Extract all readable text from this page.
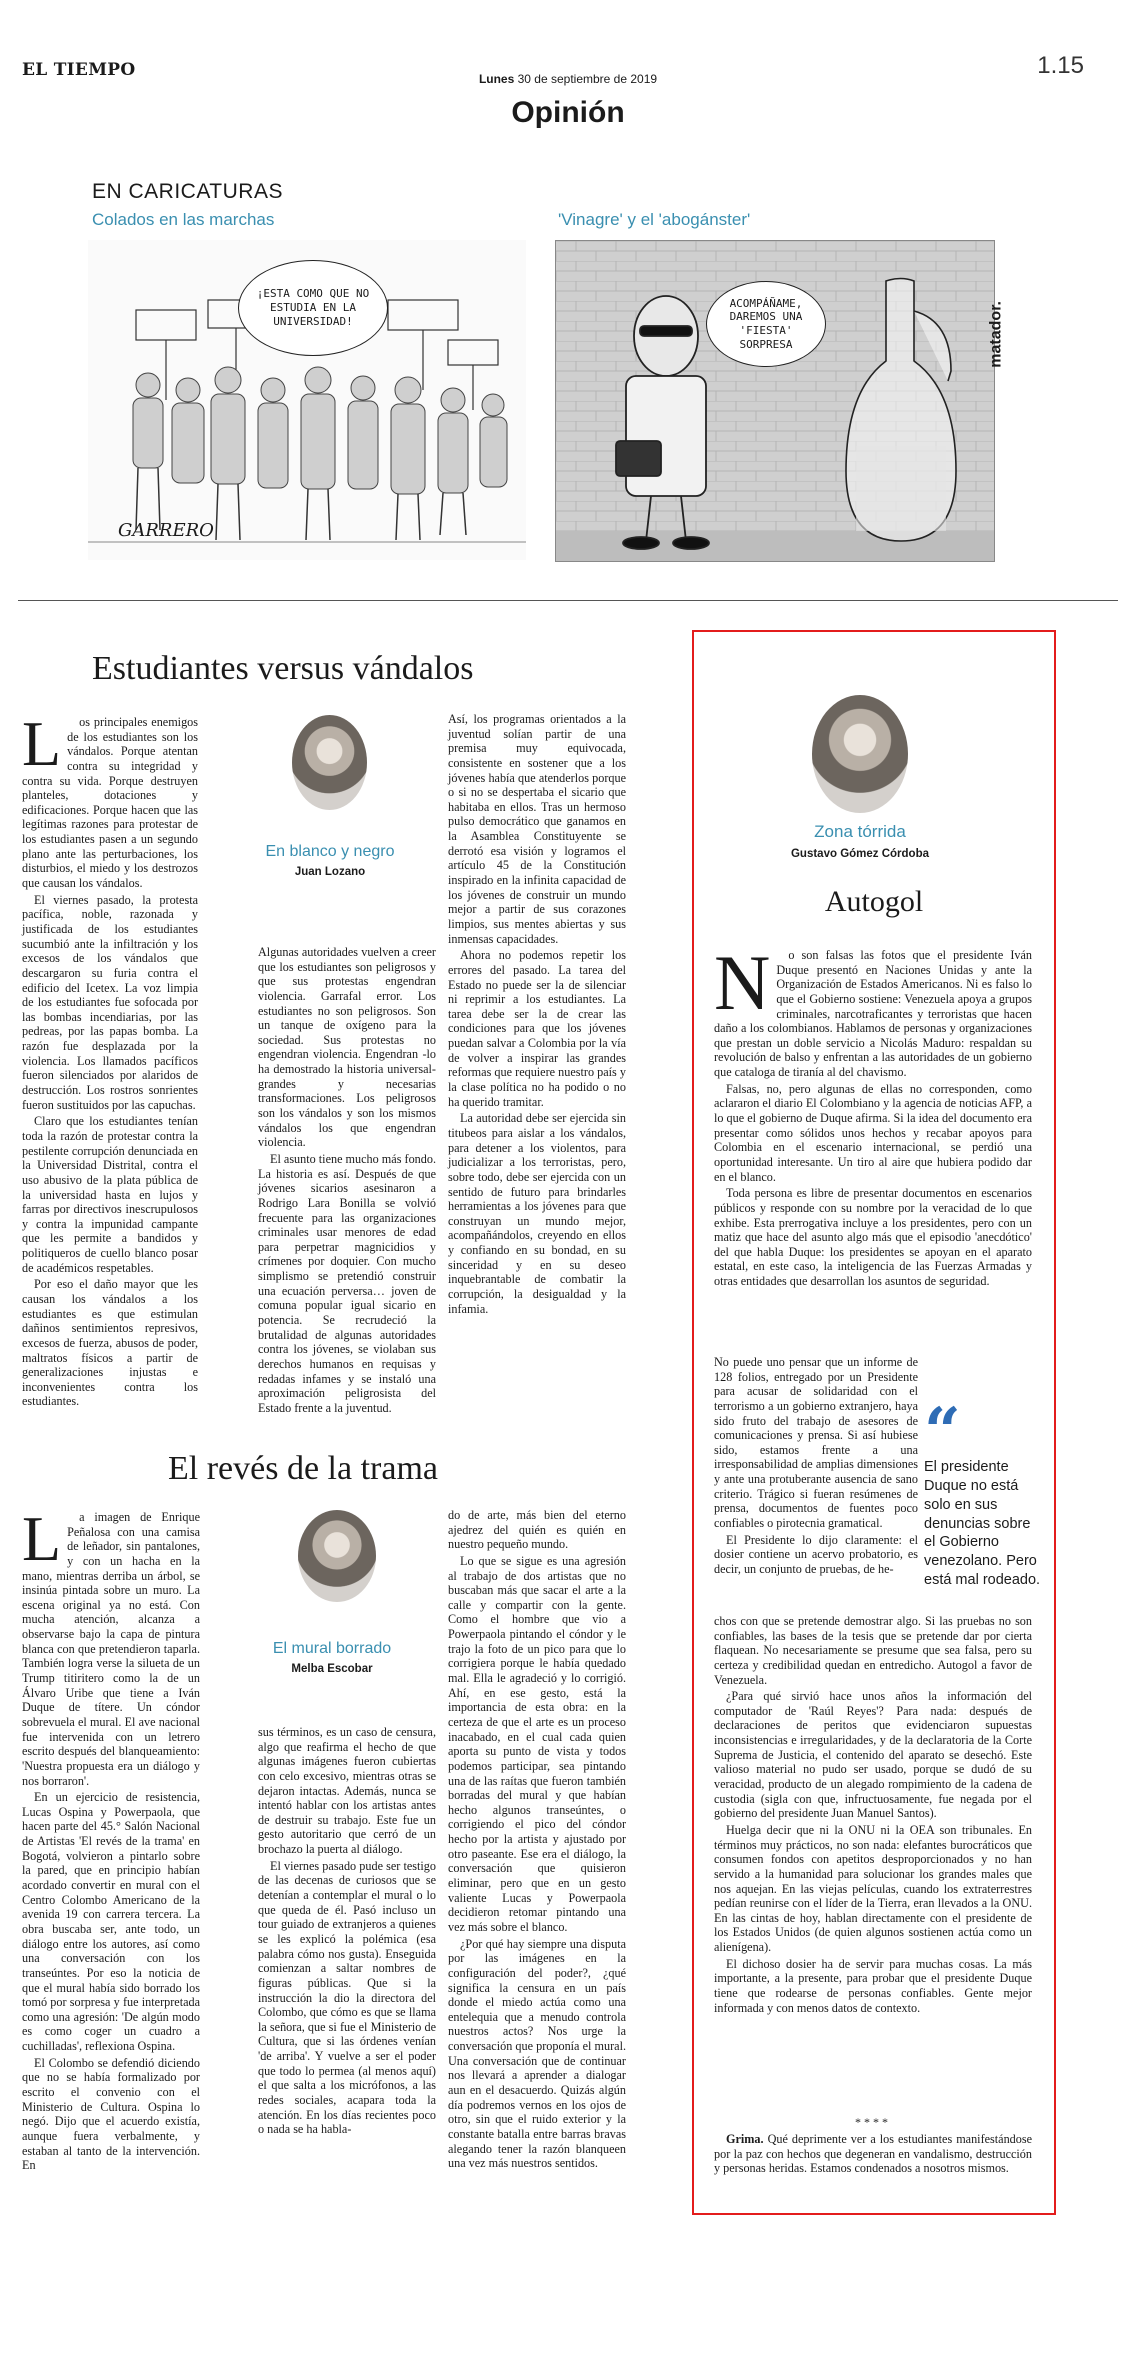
EL TIEMPO	Lunes 30 de septiembre de 2019	1.15
Opinión
EN CARICATURAS
Colados en las marchas	'Vinagre' y el 'abogánster'
¡ESTA COMO QUE NO ESTUDIA EN LA UNIVERSIDAD!
GARRERO
ACOMPÁÑAME, DAREMOS UNA 'FIESTA' SORPRESA	matador.
Estudiantes versus vándalos
L	os principales enemigos de los estudiantes son los vándalos. Porque atentan contra su integridad y contra su vida. Porque destruyen planteles, dotaciones y edificaciones. Porque hacen que las legítimas razones para protestar de los estudiantes pasen a un segundo plano ante las perturbaciones, los disturbios, el miedo y los destrozos que causan los vándalos.

El viernes pasado, la protesta pacífica, noble, razonada y justificada de los estudiantes sucumbió ante la infiltración y los excesos de los vándalos que descargaron su furia contra el edificio del Icetex. La voz limpia de los estudiantes fue sofocada por las bombas incendiarias, por las pedreas, por las papas bomba. La razón fue desplazada por la violencia. Los llamados pacíficos fueron silenciados por alaridos de destrucción. Los rostros sonrientes fueron sustituidos por las capuchas.

Claro que los estudiantes tenían toda la razón de protestar contra la pestilente corrupción denunciada en la Universidad Distrital, contra el uso abusivo de la plata pública de la universidad hasta en lujos y farras por directivos inescrupulosos y contra la impunidad campante que les permite a bandidos y politiqueros de cuello blanco posar de académicos respetables.

Por eso el daño mayor que les causan los vándalos a los estudiantes es que estimulan dañinos sentimientos represivos, excesos de fuerza, abusos de poder, maltratos físicos a partir de generalizaciones injustas e inconvenientes contra los estudiantes.

En blanco y negro
Juan Lozano

Algunas autoridades vuelven a creer que los estudiantes son peligrosos y que sus protestas engendran violencia. Garrafal error. Los estudiantes no son peligrosos. Son un tanque de oxígeno para la sociedad. Sus protestas no engendran violencia. Engendran -lo ha demostrado la historia universal- grandes y necesarias transformaciones. Los peligrosos son los vándalos y son los mismos vándalos los que engendran violencia.

El asunto tiene mucho más fondo. La historia es así. Después de que jóvenes sicarios asesinaron a Rodrigo Lara Bonilla se volvió frecuente para las organizaciones criminales usar menores de edad para perpetrar magnicidios y crímenes por doquier. Con mucho simplismo se pretendió construir una ecuación perversa… joven de comuna popular igual sicario en potencia. Se recrudeció la brutalidad de algunas autoridades contra los jóvenes, se violaban sus derechos humanos en requisas y redadas infames y se instaló una aproximación peligrosista del Estado frente a la juventud.

Así, los programas orientados a la juventud solían partir de una premisa muy equivocada, consistente en sostener que a los jóvenes había que atenderlos porque o si no se despertaba el sicario que habitaba en ellos. Tras un hermoso pulso democrático que ganamos en la Asamblea Constituyente se derrotó esa visión y logramos el artículo 45 de la Constitución inspirado en la infinita capacidad de los jóvenes de construir un mundo mejor a partir de sus corazones limpios, sus mentes abiertas y sus inmensas capacidades.

Ahora no podemos repetir los errores del pasado. La tarea del Estado no puede ser la de silenciar ni reprimir a los estudiantes. La tarea debe ser la de crear las condiciones para que los jóvenes puedan salvar a Colombia por la vía de volver a inspirar las grandes reformas que requiere nuestro país y la clase política no ha podido o no ha querido tramitar.

La autoridad debe ser ejercida sin titubeos para aislar a los vándalos, para detener a los violentos, para judicializar a los terroristas, pero, sobre todo, debe ser ejercida con un sentido de futuro para brindarles herramientas a los jóvenes para que construyan un mundo mejor, acompañándolos, creyendo en ellos y confiando en su bondad, en su sinceridad y en su deseo inquebrantable de combatir la corrupción, la desigualdad y la infamia.

El revés de la trama
L	a imagen de Enrique Peñalosa con una camisa de leñador, sin pantalones, y con un hacha en la mano, mientras derriba un árbol, se insinúa pintada sobre un muro. La escena original ya no está. Con mucha atención, alcanza a observarse bajo la capa de pintura blanca con que pretendieron taparla. También logra verse la silueta de un Trump titiritero como la de un Álvaro Uribe que tiene a Iván Duque de títere. Un cóndor sobrevuela el mural. El ave nacional fue intervenida con un letrero escrito después del blanqueamiento: 'Nuestra propuesta era un diálogo y nos borraron'.

En un ejercicio de resistencia, Lucas Ospina y Powerpaola, que hacen parte del 45.° Salón Nacional de Artistas 'El revés de la trama' en Bogotá, volvieron a pintarlo sobre la pared, que en principio habían acordado convertir en mural con el Centro Colombo Americano de la avenida 19 con carrera tercera. La obra buscaba ser, ante todo, un diálogo entre los autores, así como una conversación con los transeúntes. Por eso la noticia de que el mural había sido borrado los tomó por sorpresa y fue interpretada como una agresión: 'De algún modo es como coger un cuadro a cuchilladas', reflexiona Ospina.

El Colombo se defendió diciendo que no se había formalizado por escrito el convenio con el Ministerio de Cultura. Ospina lo negó. Dijo que el acuerdo existía, aunque fuera verbalmente, y estaban al tanto de la intervención. En

El mural borrado
Melba Escobar

sus términos, es un caso de censura, algo que reafirma el hecho de que algunas imágenes fueron cubiertas con celo excesivo, mientras otras se dejaron intactas. Además, nunca se intentó hablar con los artistas antes de destruir su trabajo. Este fue un gesto autoritario que cerró de un brochazo la puerta al diálogo.

El viernes pasado pude ser testigo de las decenas de curiosos que se detenían a contemplar el mural o lo que queda de él. Pasó incluso un tour guiado de extranjeros a quienes se les explicó la polémica (esa palabra cómo nos gusta). Enseguida comienzan a saltar nombres de figuras públicas. Que si la instrucción la dio la directora del Colombo, que cómo es que se llama la señora, que si fue el Ministerio de Cultura, que si las órdenes venían 'de arriba'. Y vuelve a ser el poder que todo lo permea (al menos aquí) el que salta a los micrófonos, a las redes sociales, acapara toda la atención. En los días recientes poco o nada se ha habla-

do de arte, más bien del eterno ajedrez del quién es quién en nuestro pequeño mundo.

Lo que se sigue es una agresión al trabajo de dos artistas que no buscaban más que sacar el arte a la calle y compartir con la gente. Como el hombre que vio a Powerpaola pintando el cóndor y le trajo la foto de un pico para que lo corrigiera porque le había quedado mal. Ella le agradeció y lo corrigió. Ahí, en ese gesto, está la importancia de esta obra: en la certeza de que el arte es un proceso inacabado, en el cual cada quien aporta su punto de vista y todos podemos participar, sea pintando una de las raítas que fueron también borradas del mural y que habían hecho algunos transeúntes, o corrigiendo el pico del cóndor hecho por la artista y ajustado por otro paseante. Ese era el diálogo, la conversación que quisieron eliminar, pero que en un gesto valiente Lucas y Powerpaola decidieron retomar pintando una vez más sobre el blanco.

¿Por qué hay siempre una disputa por las imágenes en la configuración del poder?, ¿qué significa la censura en un país donde el miedo actúa como una entelequia que a menudo controla nuestros actos? Nos urge la conversación que proponía el mural. Una conversación que de continuar nos llevará a aprender a dialogar aun en el desacuerdo. Quizás algún día podremos vernos en los ojos de otro, sin que el ruido exterior y la constante batalla entre barras bravas alegando tener la razón blanqueen una vez más nuestros sentidos.

Zona tórrida
Gustavo Gómez Córdoba
Autogol
N	o son falsas las fotos que el presidente Iván Duque presentó en Naciones Unidas y ante la Organización de Estados Americanos. Ni es falso lo que el Gobierno sostiene: Venezuela apoya a grupos criminales, narcotraficantes y terroristas que hacen daño a los colombianos. Hablamos de personas y organizaciones que prestan un doble servicio a Nicolás Maduro: respaldan su revolución de balso y enfrentan a las autoridades de un gobierno que cataloga de tiranía al del chavismo.

Falsas, no, pero algunas de ellas no corresponden, como aclararon el diario El Colombiano y la agencia de noticias AFP, a lo que el gobierno de Duque afirma. Si la idea del documento era presentar como sólidos unos hechos y recabar apoyos para Colombia en el escenario internacional, se perdió una oportunidad interesante. Un tiro al aire que hubiera podido dar en el blanco.

Toda persona es libre de presentar documentos en escenarios públicos y responde con su nombre por la veracidad de lo que exhibe. Esta prerrogativa incluye a los presidentes, pero con un matiz que hace del asunto algo más que el episodio 'anecdótico' del que habla Duque: los presidentes se apoyan en el aparato estatal, en este caso, la inteligencia de las Fuerzas Armadas y otras entidades que desarrollan los asuntos de seguridad.

No puede uno pensar que un informe de 128 folios, entregado por un Presidente para acusar de solidaridad con el terrorismo a un gobierno extranjero, haya sido fruto del trabajo de asesores de comunicaciones y prensa. Si así hubiese sido, estamos frente a una irresponsabilidad de amplias dimensiones y ante una protuberante ausencia de sano criterio. Trágico si fueran resúmenes de prensa, documentos de fuentes poco confiables o pirotecnia gramatical.

El Presidente lo dijo claramente: el dosier contiene un acervo probatorio, es decir, un conjunto de pruebas, de he-

“
El presidente Duque no está solo en sus denuncias sobre el Gobierno venezolano. Pero está mal rodeado.

chos con que se pretende demostrar algo. Si las pruebas no son confiables, las bases de la tesis que se pretende dar por cierta flaquean. No necesariamente se presume que sea falsa, pero su certeza y credibilidad quedan en entredicho. Autogol a favor de Venezuela.

¿Para qué sirvió hace unos años la información del computador de 'Raúl Reyes'? Para nada: después de declaraciones de peritos que evidenciaron supuestas inconsistencias e irregularidades, y de la declaratoria de la Corte Suprema de Justicia, el contenido del aparato se desechó. Este valioso material no pudo ser usado, porque se dudó de su veracidad, producto de un alegado rompimiento de la cadena de custodia (sigla con que, infructuosamente, fue negada por el gobierno del presidente Juan Manuel Santos).

Huelga decir que ni la ONU ni la OEA son tribunales. En términos muy prácticos, no son nada: elefantes burocráticos que consumen fondos con apetitos desproporcionados y no han servido a la humanidad para solucionar los grandes males que nos aquejan. En las viejas películas, cuando los extraterrestres pedían reunirse con el líder de la Tierra, eran llevados a la ONU. En las cintas de hoy, hablan directamente con el presidente de los Estados Unidos (de quien algunos sostienen actúa como un alienígena).

El dichoso dosier ha de servir para muchas cosas. La más importante, a la presente, para probar que el presidente Duque tiene que rodearse de personas confiables. Gente mejor informada y con menos datos de contexto.

****

Grima. Qué deprimente ver a los estudiantes manifestándose por la paz con hechos que degeneran en vandalismo, destrucción y personas heridas. Estamos condenados a nosotros mismos.
